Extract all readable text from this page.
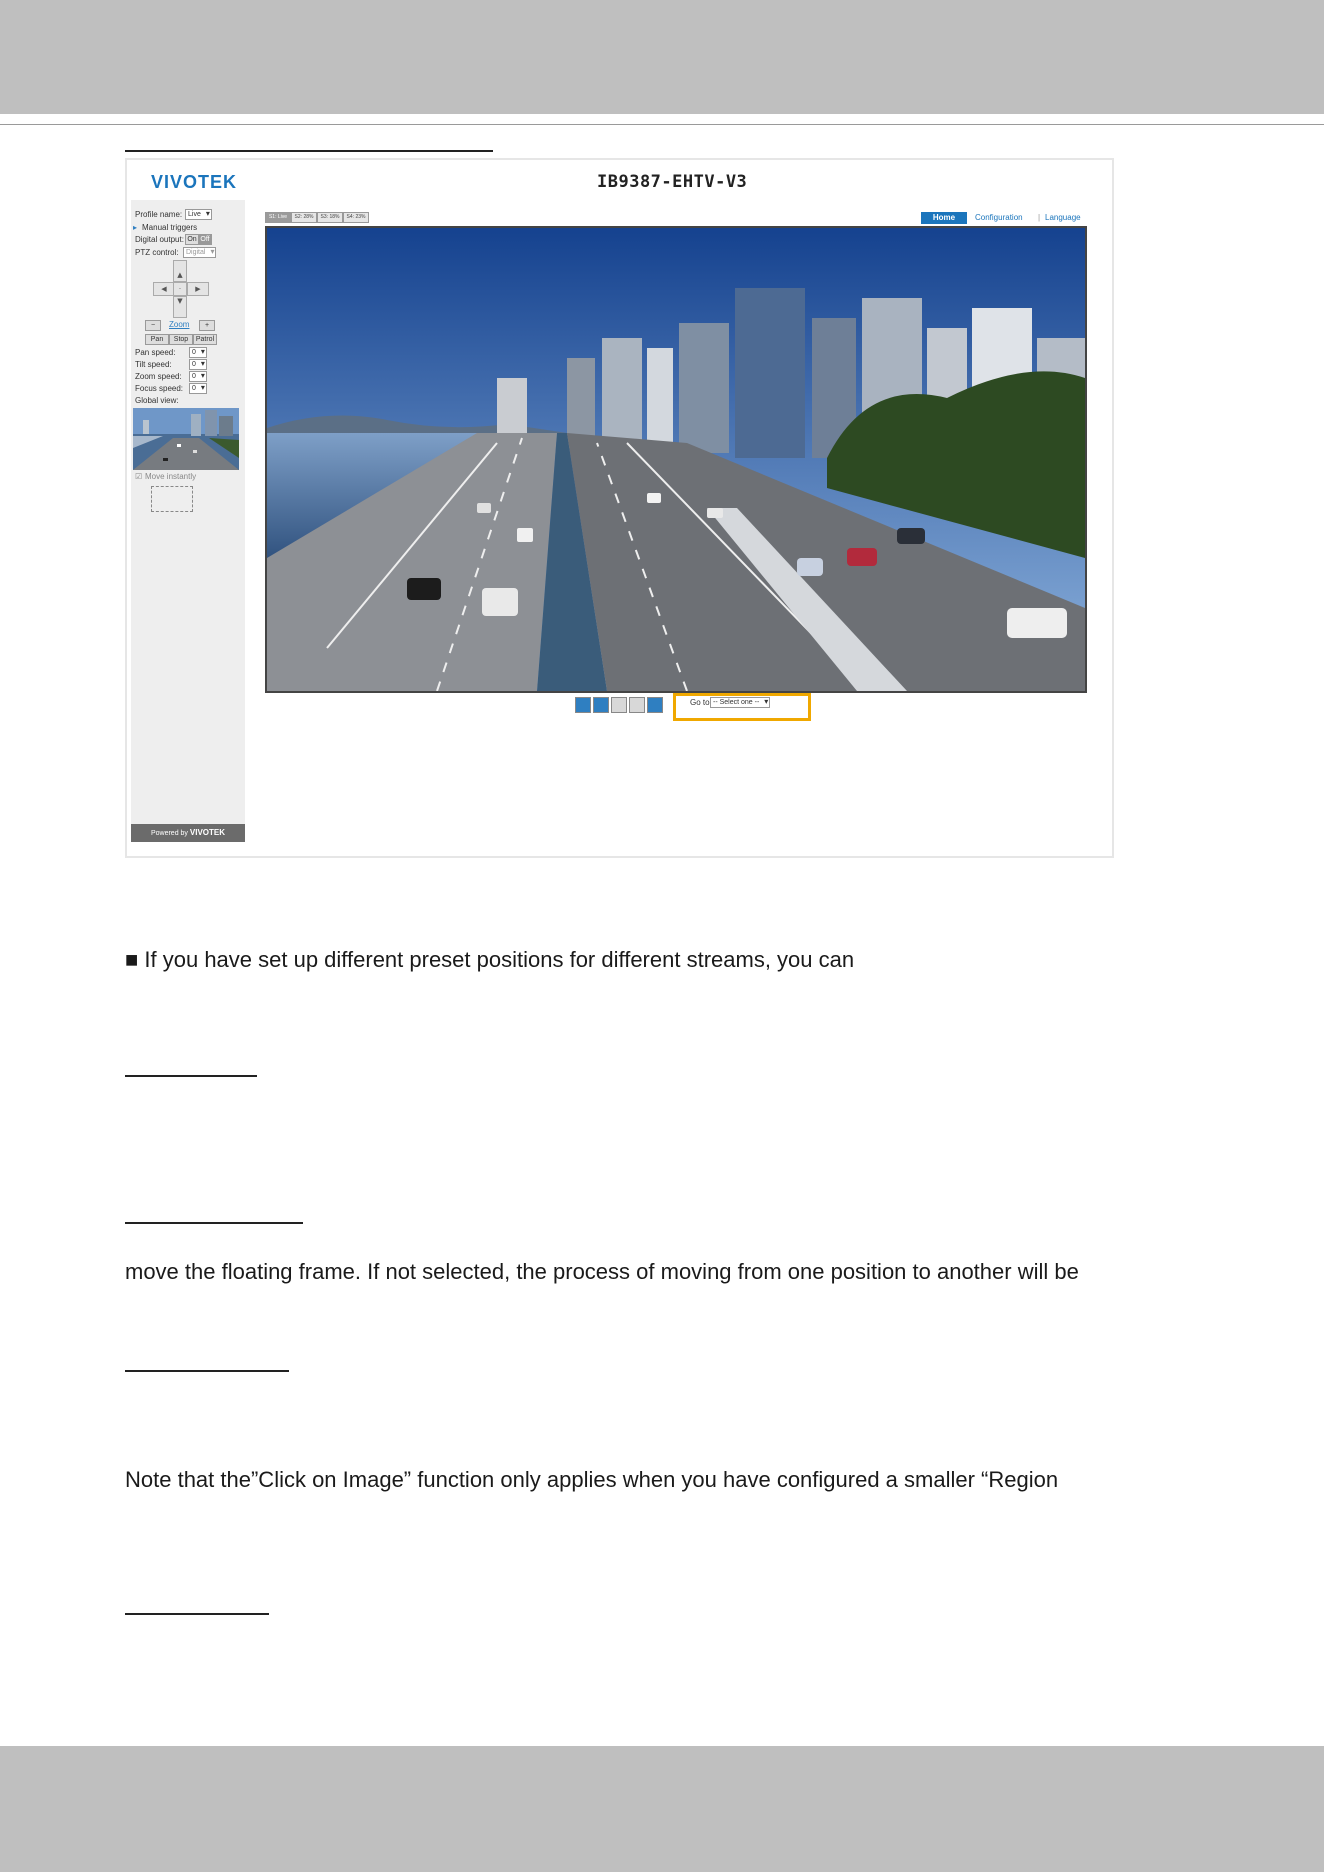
VIVOTEK	IB9387-EHTV-V3
Profile name: Live ▾
▸ Manual triggers
Digital output: On Off
PTZ control:	Digital ▾
▲
◀	·	▶
▼
−	Zoom	+
Pan	Stop	Patrol
Pan speed:	0 ▾
Tilt speed:	0 ▾
Zoom speed:	0 ▾
Focus speed:	0 ▾
Global view:
☑ Move instantly
Powered by VIVOTEK
S1: Live	S2: 28%	S3: 18%	S4: 23%	Home	Configuration | Language
Go to -- Select one -- ▾
■ If you have set up different preset positions for different streams, you can
move the floating frame. If not selected, the process of moving from one position to another will be
Note that the”Click on Image” function only applies when you have configured a smaller “Region
